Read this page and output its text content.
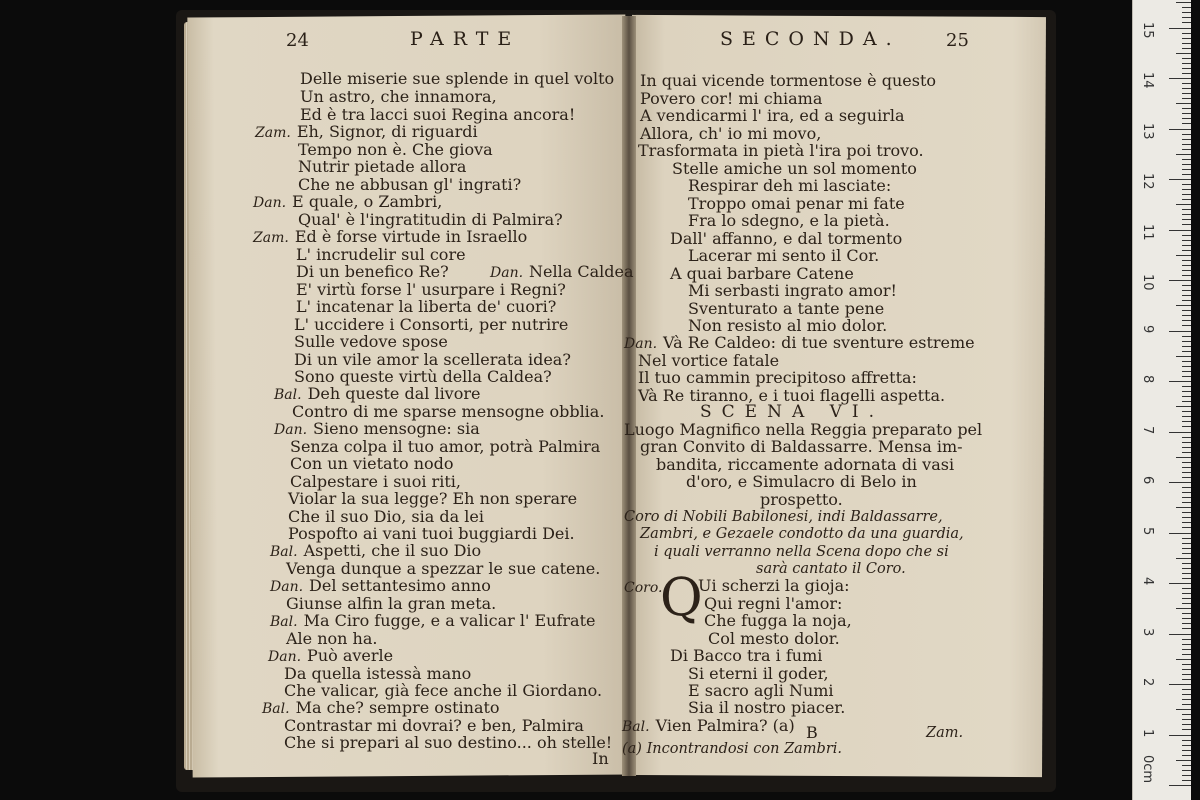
24	PARTE
Delle miserie sue splende in quel volto
Un astro, che innamora,
Ed è tra lacci suoi Regina ancora!
Zam. Eh, Signor, di riguardi
Tempo non è. Che giova
Nutrir pietade allora
Che ne abbusan gl' ingrati?
Dan. E quale, o Zambri,
Qual' è l'ingratitudin di Palmira?
Zam. Ed è forse virtude in Israello
L' incrudelir sul core
Di un benefico Re?
E' virtù forse l' usurpare i Regni?
L' incatenar la liberta de' cuori?
L' uccidere i Consorti, per nutrire
Sulle vedove spose
Di un vile amor la scellerata idea?
Sono queste virtù della Caldea?
Bal. Deh queste dal livore
Contro di me sparse mensogne obblia.
Dan. Sieno mensogne: sia
Senza colpa il tuo amor, potrà Palmira
Con un vietato nodo
Calpestare i suoi riti,
Violar la sua legge? Eh non sperare
Che il suo Dio, sia da lei
Pospofto ai vani tuoi buggiardi Dei.
Bal. Aspetti, che il suo Dio
Venga dunque a spezzar le sue catene.
Dan. Del settantesimo anno
Giunse alfin la gran meta.
Bal. Ma Ciro fugge, e a valicar l' Eufrate
Ale non ha.
Dan. Può averle
Da quella istessà mano
Che valicar, già fece anche il Giordano.
Bal. Ma che? sempre ostinato
Contrastar mi dovrai? e ben, Palmira
Che si prepari al suo destino... oh stelle!
Dan. Nella Caldea
In
SECONDA.	25
In quai vicende tormentose è questo
Povero cor! mi chiama
A vendicarmi l' ira, ed a seguirla
Allora, ch' io mi movo,
Trasformata in pietà l'ira poi trovo.
Stelle amiche un sol momento
Respirar deh mi lasciate:
Troppo omai penar mi fate
Fra lo sdegno, e la pietà.
Dall' affanno, e dal tormento
Lacerar mi sento il Cor.
A quai barbare Catene
Mi serbasti ingrato amor!
Sventurato a tante pene
Non resisto al mio dolor.
Dan. Và Re Caldeo: di tue sventure estreme
Nel vortice fatale
Il tuo cammin precipitoso affretta:
Và Re tiranno, e i tuoi flagelli aspetta.
Luogo Magnifico nella Reggia preparato pel
gran Convito di Baldassarre. Mensa im-
bandita, riccamente adornata di vasi
d'oro, e Simulacro di Belo in
prospetto.
SCENA VI.
Coro di Nobili Babilonesi, indi Baldassarre,
Zambri, e Gezaele condotto da una guardia,
i quali verranno nella Scena dopo che si
sarà cantato il Coro.
Coro.
Q
Ui scherzi la gioja:
Qui regni l'amor:
Che fugga la noja,
Col mesto dolor.
Di Bacco tra i fumi
Si eterni il goder,
E sacro agli Numi
Sia il nostro piacer.
Bal. Vien Palmira? (a) B	Zam.
(a) Incontrandosi con Zambri.
0cm
1
2
3
4
5
6
7
8
9
10
11
12
13
14
15
